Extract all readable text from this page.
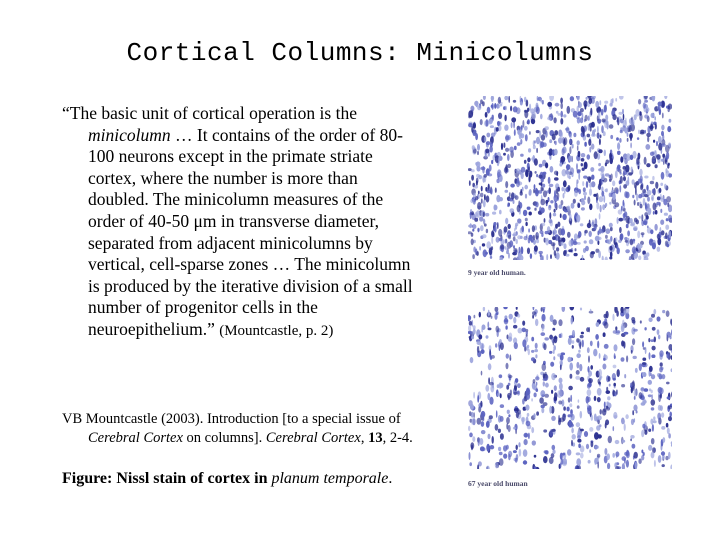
Cortical Columns: Minicolumns

“The basic unit of cortical operation is the minicolumn … It contains of the order of 80-100 neurons except in the primate striate cortex, where the number is more than doubled. The minicolumn measures of the order of 40-50 μm in transverse diameter, separated from adjacent minicolumns by vertical, cell-sparse zones … The minicolumn is produced by the iterative division of a small number of progenitor cells in the neuroepithelium.” (Mountcastle, p. 2)

VB Mountcastle (2003). Introduction [to a special issue of Cerebral Cortex on columns]. Cerebral Cortex, 13, 2-4.

Figure: Nissl stain of cortex in planum temporale.

9 year old human.
67 year old human
